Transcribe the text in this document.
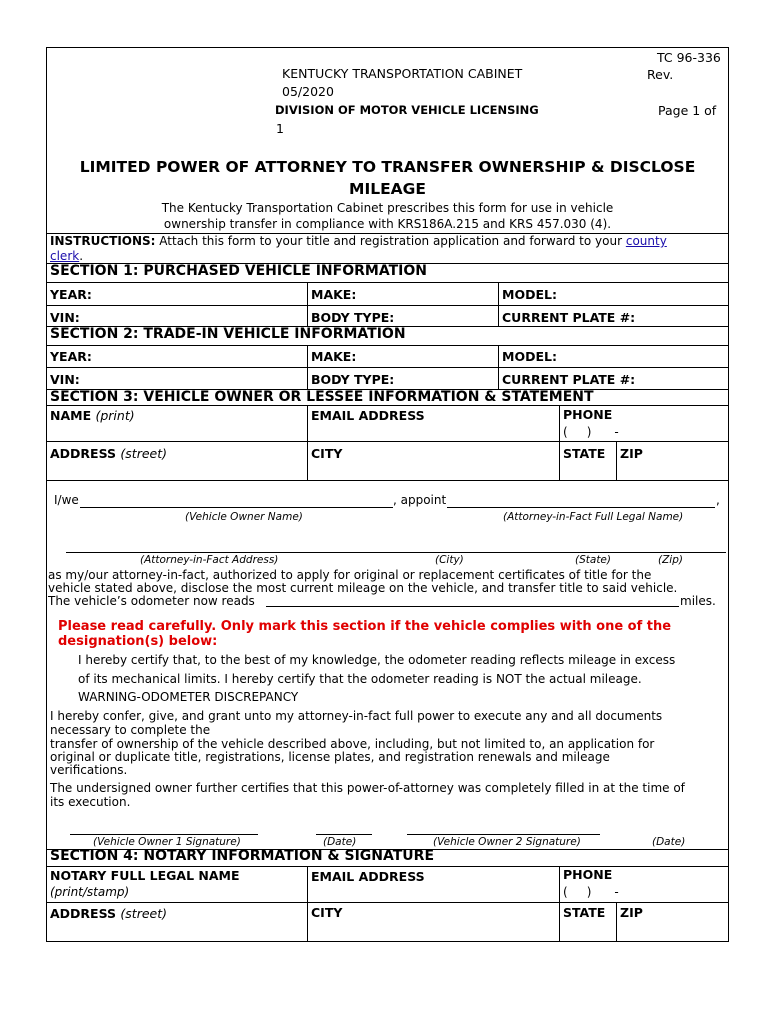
KENTUCKY TRANSPORTATION CABINET
05/2020
DIVISION OF MOTOR VEHICLE LICENSING
1
TC 96-336
Rev.
Page 1 of
LIMITED POWER OF ATTORNEY TO TRANSFER OWNERSHIP & DISCLOSE
MILEAGE
The Kentucky Transportation Cabinet prescribes this form for use in vehicle
ownership transfer in compliance with KRS186A.215 and KRS 457.030 (4).
INSTRUCTIONS: Attach this form to your title and registration application and forward to your county
clerk.
SECTION 1: PURCHASED VEHICLE INFORMATION
YEAR:	MAKE:	MODEL:
VIN:	BODY TYPE:	CURRENT PLATE #:
SECTION 2: TRADE-IN VEHICLE INFORMATION
YEAR:	MAKE:	MODEL:
VIN:	BODY TYPE:	CURRENT PLATE #:
SECTION 3: VEHICLE OWNER OR LESSEE INFORMATION & STATEMENT
NAME (print)	EMAIL ADDRESS	PHONE
(     )      -
ADDRESS (street)	CITY	STATE ZIP
I/we	, appoint	,
(Vehicle Owner Name)	(Attorney-in-Fact Full Legal Name)
(Attorney-in-Fact Address)	(City)	(State)	(Zip)
as my/our attorney-in-fact, authorized to apply for original or replacement certificates of title for the
vehicle stated above, disclose the most current mileage on the vehicle, and transfer title to said vehicle.
The vehicle’s odometer now reads	miles.
Please read carefully. Only mark this section if the vehicle complies with one of the
designation(s) below:
I hereby certify that, to the best of my knowledge, the odometer reading reflects mileage in excess
of its mechanical limits. I hereby certify that the odometer reading is NOT the actual mileage.
WARNING-ODOMETER DISCREPANCY
I hereby confer, give, and grant unto my attorney-in-fact full power to execute any and all documents
necessary to complete the
transfer of ownership of the vehicle described above, including, but not limited to, an application for
original or duplicate title, registrations, license plates, and registration renewals and mileage
verifications.
The undersigned owner further certifies that this power-of-attorney was completely filled in at the time of
its execution.
(Vehicle Owner 1 Signature)	(Date)	(Vehicle Owner 2 Signature)	(Date)
SECTION 4: NOTARY INFORMATION & SIGNATURE
NOTARY FULL LEGAL NAME
(print/stamp)
EMAIL ADDRESS	PHONE
(     )      -
ADDRESS (street)	CITY	STATE ZIP
